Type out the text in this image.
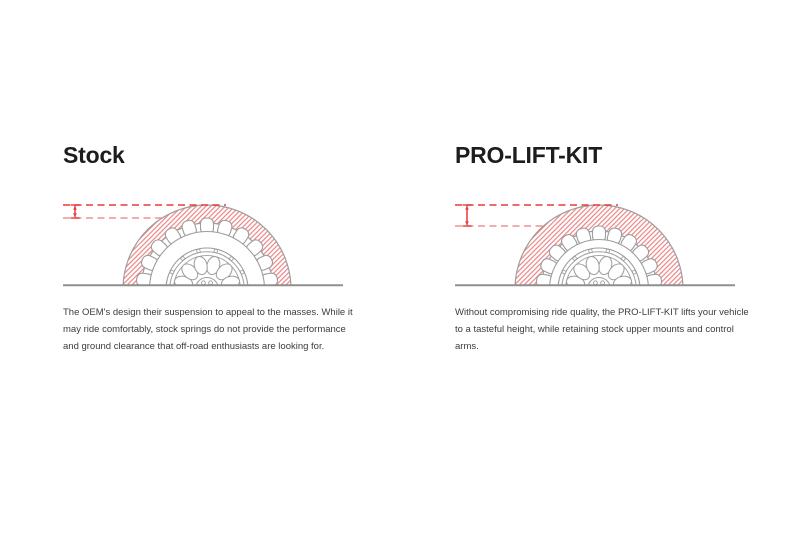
Stock

The OEM's design their suspension to appeal to the masses. While it
may ride comfortably, stock springs do not provide the performance
and ground clearance that off-road enthusiasts are looking for.

PRO-LIFT-KIT

Without compromising ride quality, the PRO-LIFT-KIT lifts your vehicle
to a tasteful height, while retaining stock upper mounts and control
arms.
